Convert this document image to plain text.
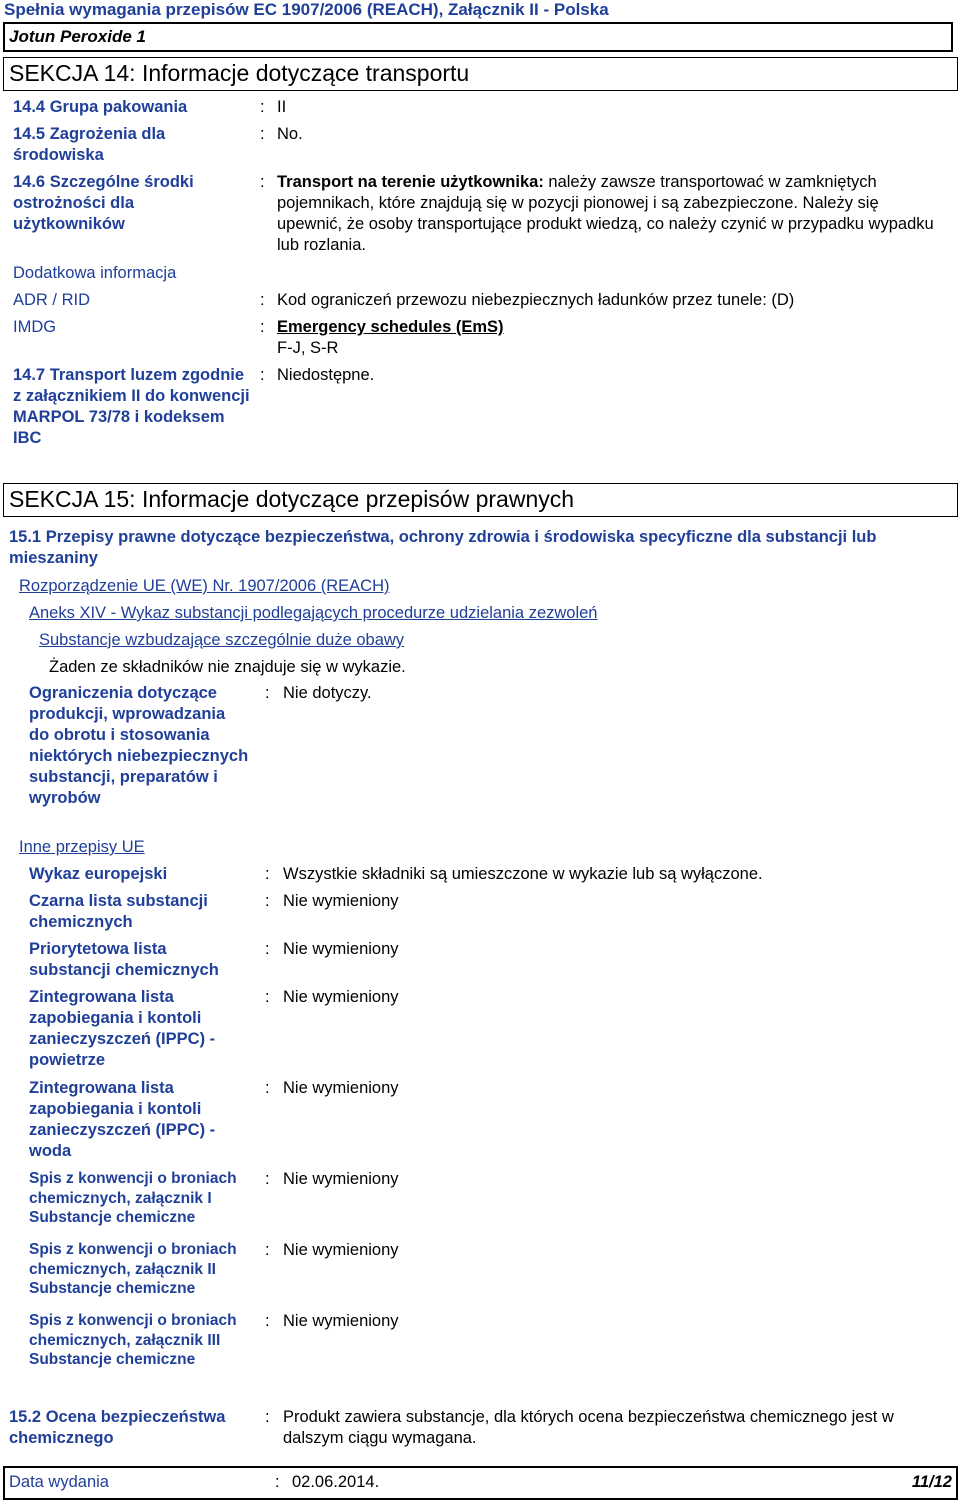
Spełnia wymagania przepisów EC 1907/2006 (REACH), Załącznik II - Polska
Jotun Peroxide 1
SEKCJA 14: Informacje dotyczące transportu
14.4 Grupa pakowania	: II
14.5 Zagrożenia dla środowiska
: No.
14.6 Szczególne środki ostrożności dla użytkowników
: Transport na terenie użytkownika: należy zawsze transportować w zamkniętych pojemnikach, które znajdują się w pozycji pionowej i są zabezpieczone. Należy się upewnić, że osoby transportujące produkt wiedzą, co należy czynić w przypadku wypadku lub rozlania.
Dodatkowa informacja
ADR / RID	: Kod ograniczeń przewozu niebezpiecznych ładunków przez tunele: (D)
IMDG	: Emergency schedules (EmS)
F-J, S-R
14.7 Transport luzem zgodnie z załącznikiem II do konwencji MARPOL 73/78 i kodeksem IBC
: Niedostępne.
SEKCJA 15: Informacje dotyczące przepisów prawnych
15.1 Przepisy prawne dotyczące bezpieczeństwa, ochrony zdrowia i środowiska specyficzne dla substancji lub mieszaniny
Rozporządzenie UE (WE) Nr. 1907/2006 (REACH)
Aneks XIV - Wykaz substancji podlegających procedurze udzielania zezwoleń
Substancje wzbudzające szczególnie duże obawy
Żaden ze składników nie znajduje się w wykazie.
Ograniczenia dotyczące produkcji, wprowadzania do obrotu i stosowania niektórych niebezpiecznych substancji, preparatów i wyrobów
: Nie dotyczy.
Inne przepisy UE
Wykaz europejski	: Wszystkie składniki są umieszczone w wykazie lub są wyłączone.
Czarna lista substancji chemicznych
: Nie wymieniony
Priorytetowa lista substancji chemicznych
: Nie wymieniony
Zintegrowana lista zapobiegania i kontoli zanieczyszczeń (IPPC) - powietrze
: Nie wymieniony
Zintegrowana lista zapobiegania i kontoli zanieczyszczeń (IPPC) - woda
: Nie wymieniony
Spis z konwencji o broniach chemicznych, załącznik I Substancje chemiczne
: Nie wymieniony
Spis z konwencji o broniach chemicznych, załącznik II Substancje chemiczne
: Nie wymieniony
Spis z konwencji o broniach chemicznych, załącznik III Substancje chemiczne
: Nie wymieniony
15.2 Ocena bezpieczeństwa chemicznego
: Produkt zawiera substancje, dla których ocena bezpieczeństwa chemicznego jest w dalszym ciągu wymagana.
Data wydania	: 02.06.2014.	11/12
